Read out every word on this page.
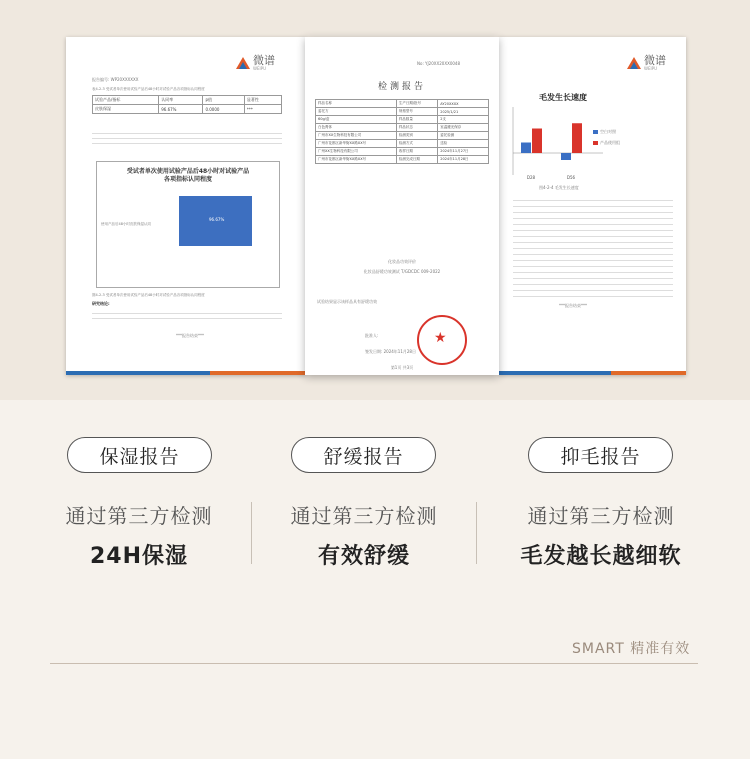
微谱
WEIPU
报告编号: WP20XXXXXX
表4-2-3 受试者单次使用试验产品后48小时对试验产品各项指标认同程度
试验产品/指标	认同率	p值	显著性
皮肤保湿	96.67%	0.0000	***
受试者单次使用试验产品后48小时对试验产品
各项指标认同程度
使用产品后48小时皮肤保湿认同
96.67%
图4-2-3 受试者单次使用试验产品后48小时对试验产品各项指标认同程度
研究结论:
***报告结束***
No: YJ20XX20XX0048
检测报告
样品名称	生产日期/批号	AY20XXXX
委托方	规格型号	2025/1/21
60g/盒	样品数量	2支
白色膏体	样品状态	室温避光保存
广州市XX生物科技有限公司	检测类别	委托检测
广州市花都区新华街XX路XX号	检测方式	送检
广州XX生物科技有限公司	收样日期	2024年11月27日
广州市花都区新华街XX路XX号	检测完成日期	2024年11月28日
化妆品功效评价
化妆品舒缓功效测试 T/GDCDC 009-2022
试验结果显示该样品具有舒缓功效
批准人:
签发日期: 2024年11月28日
★
第1页 共3页
微谱
WEIPU
毛发生长速度
D28	D56
空白对照
产品使用组
图4-2-4 毛发生长速度
***报告结束***
保湿报告	舒缓报告	抑毛报告
通过第三方检测	通过第三方检测	通过第三方检测
24H保湿	有效舒缓	毛发越长越细软
SMART 精准有效
